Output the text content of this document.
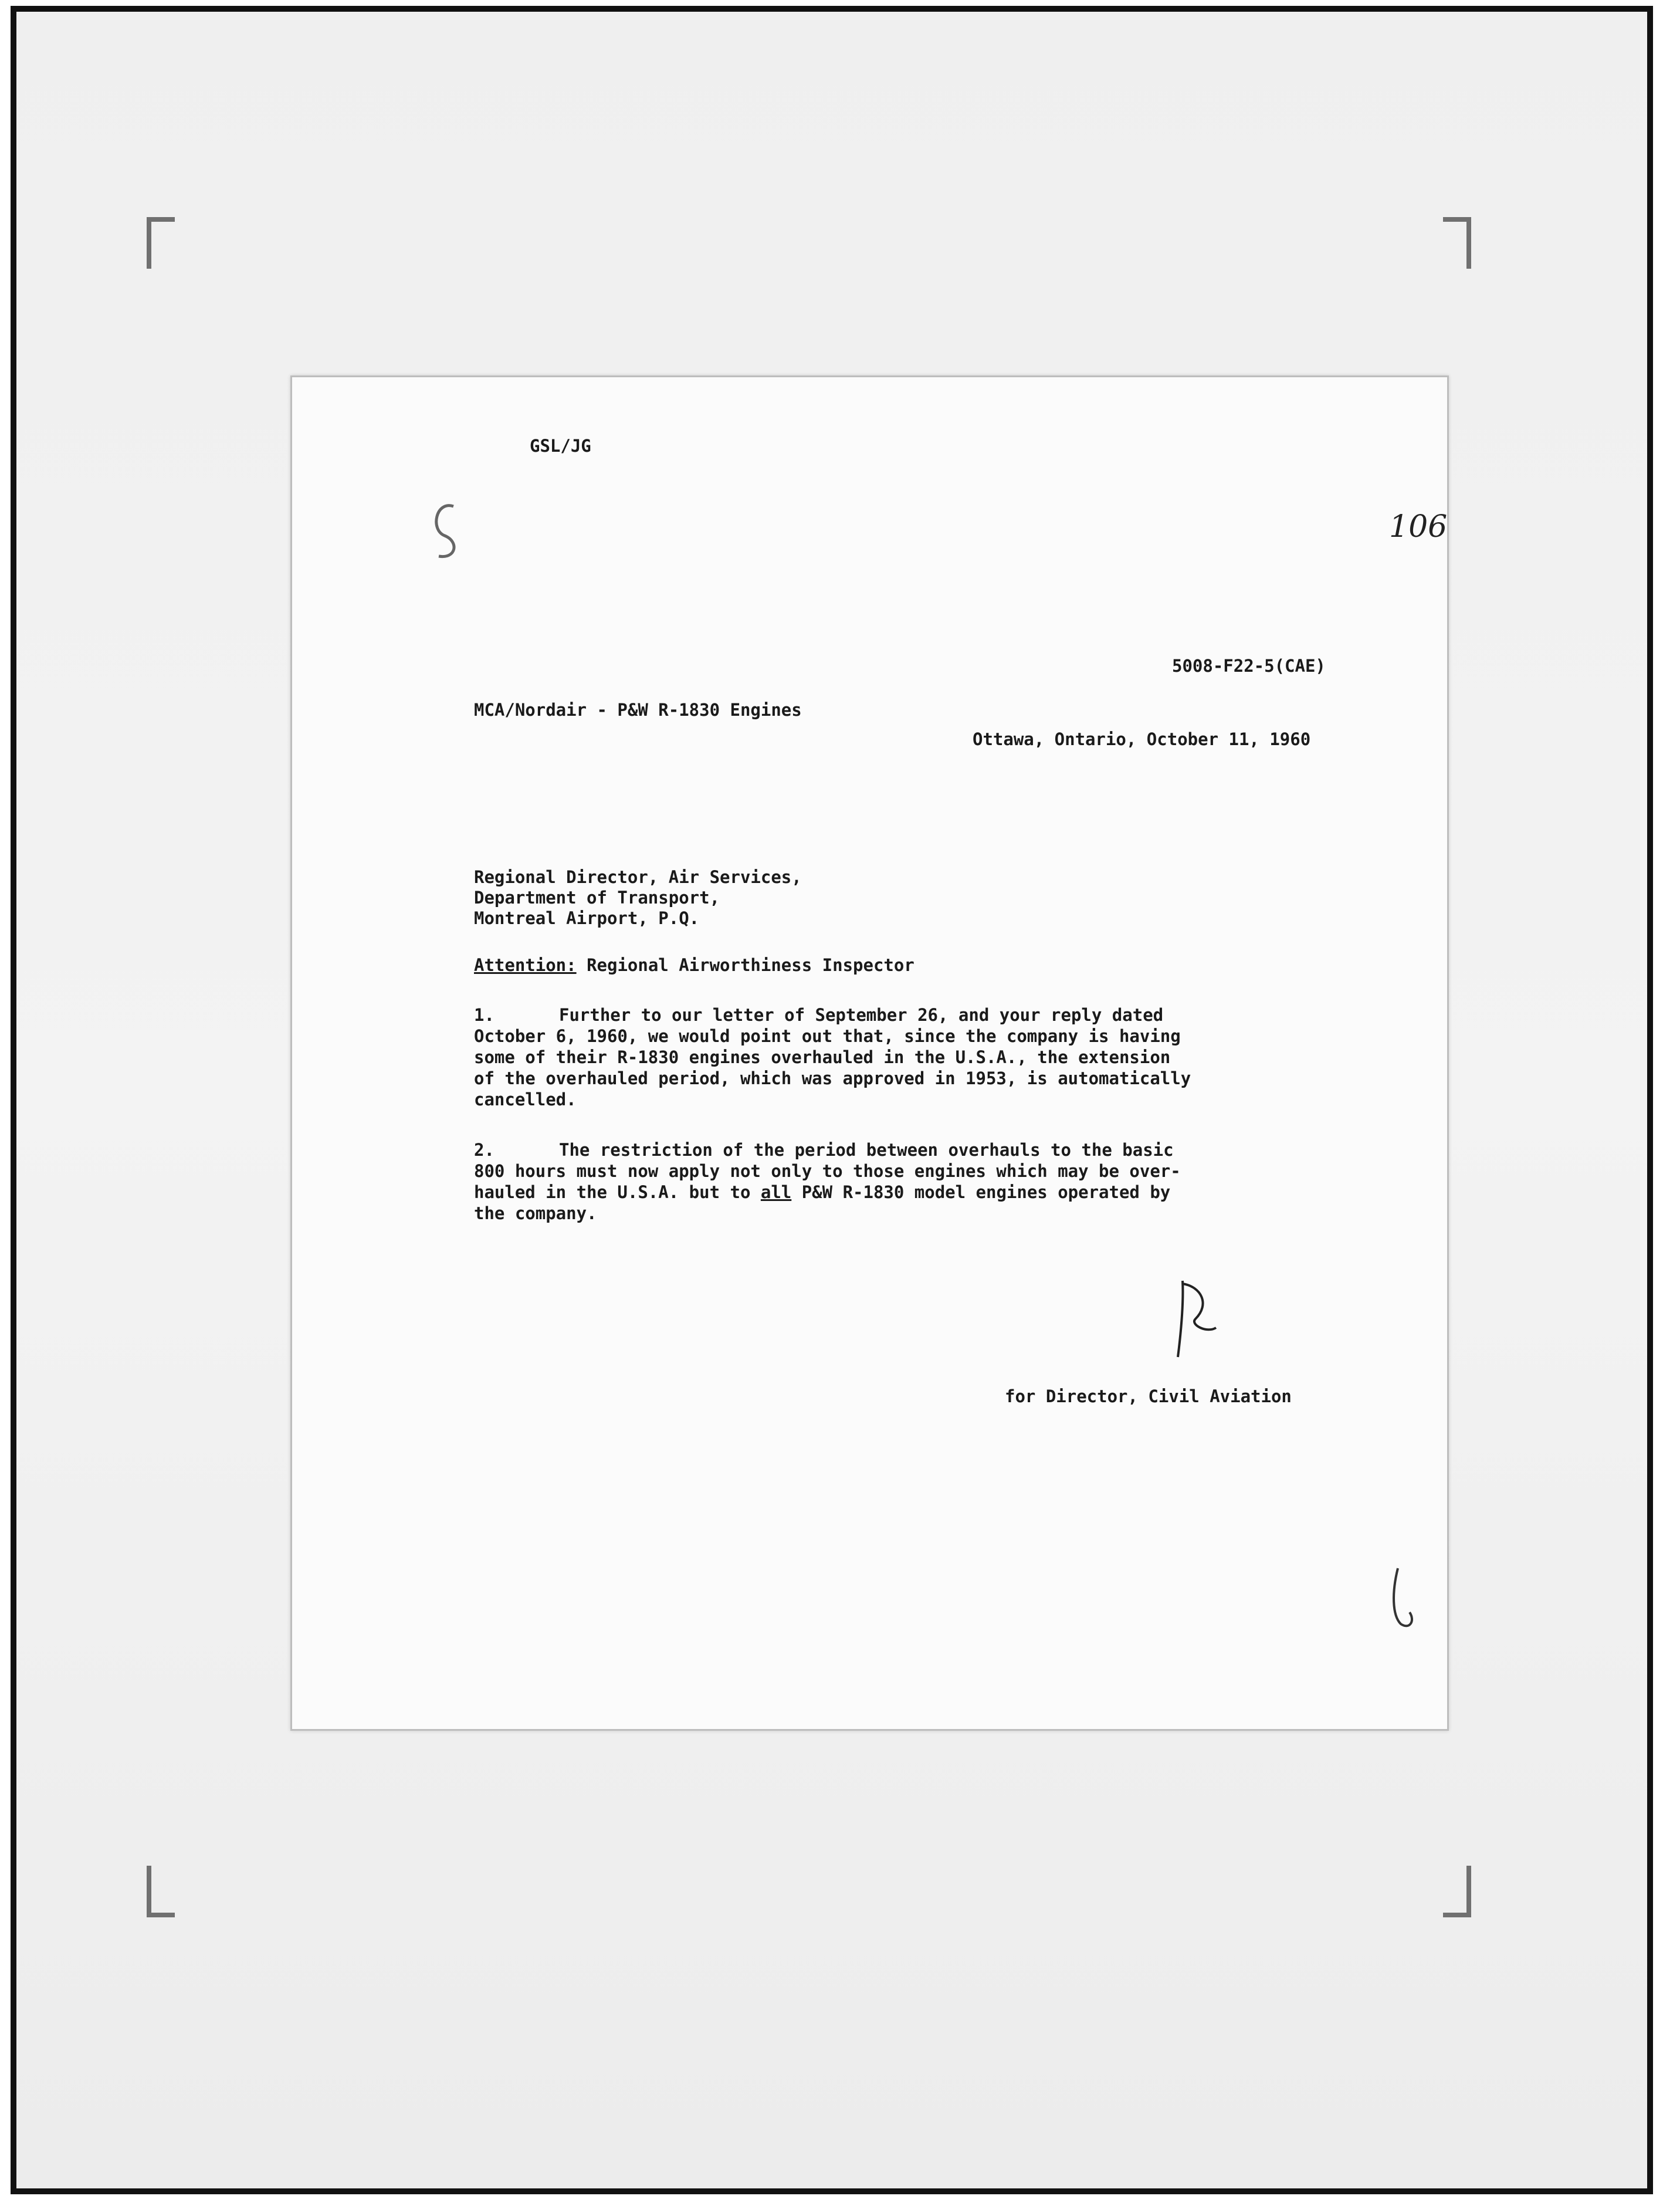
GSL/JG
106
5008-F22-5(CAE)
MCA/Nordair - P&W R-1830 Engines
Ottawa, Ontario, October 11, 1960
Regional Director, Air Services,
Department of Transport,
Montreal Airport, P.Q.
Attention: Regional Airworthiness Inspector
1.	Further to our letter of September 26, and your reply dated
October 6, 1960, we would point out that, since the company is having
some of their R-1830 engines overhauled in the U.S.A., the extension
of the overhauled period, which was approved in 1953, is automatically
cancelled.
2.	The restriction of the period between overhauls to the basic
800 hours must now apply not only to those engines which may be over-
hauled in the U.S.A. but to all P&W R-1830 model engines operated by
the company.
for Director, Civil Aviation
